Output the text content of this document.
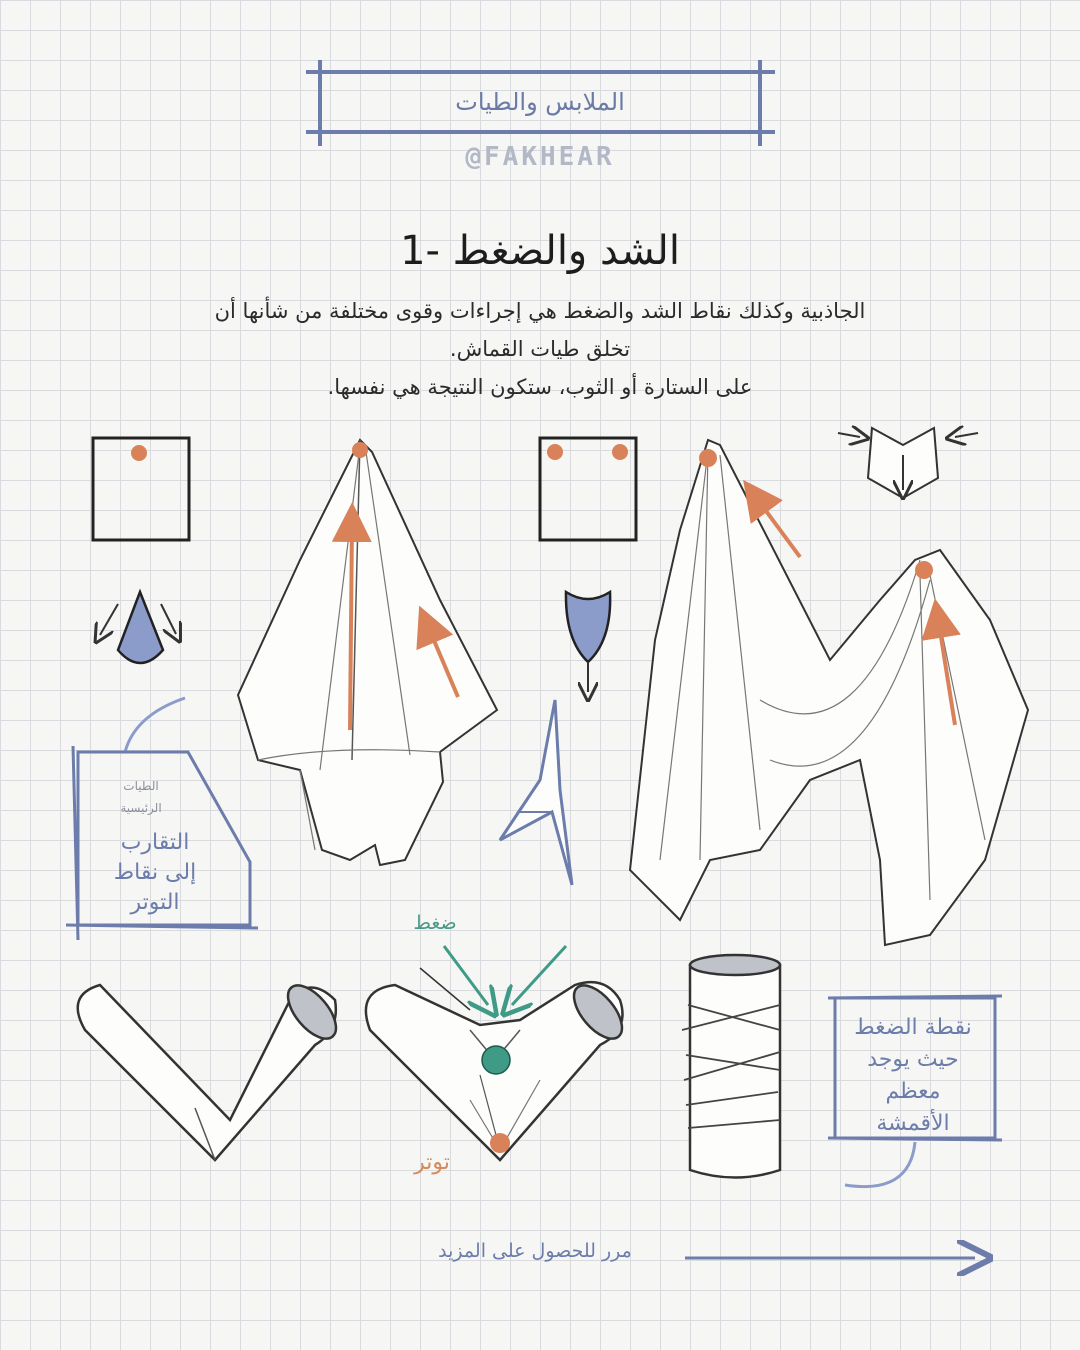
الملابس والطيات
@FAKHEAR
1- الشد والضغط
الجاذبية وكذلك نقاط الشد والضغط هي إجراءات وقوى مختلفة من شأنها أن
تخلق طيات القماش.
على الستارة أو الثوب، ستكون النتيجة هي نفسها.
الطيات
الرئيسية
التقارب
إلى نقاط
التوتر
ضغط
توتر
نقطة الضغط
حيث يوجد
معظم
الأقمشة
مرر للحصول على المزيد
